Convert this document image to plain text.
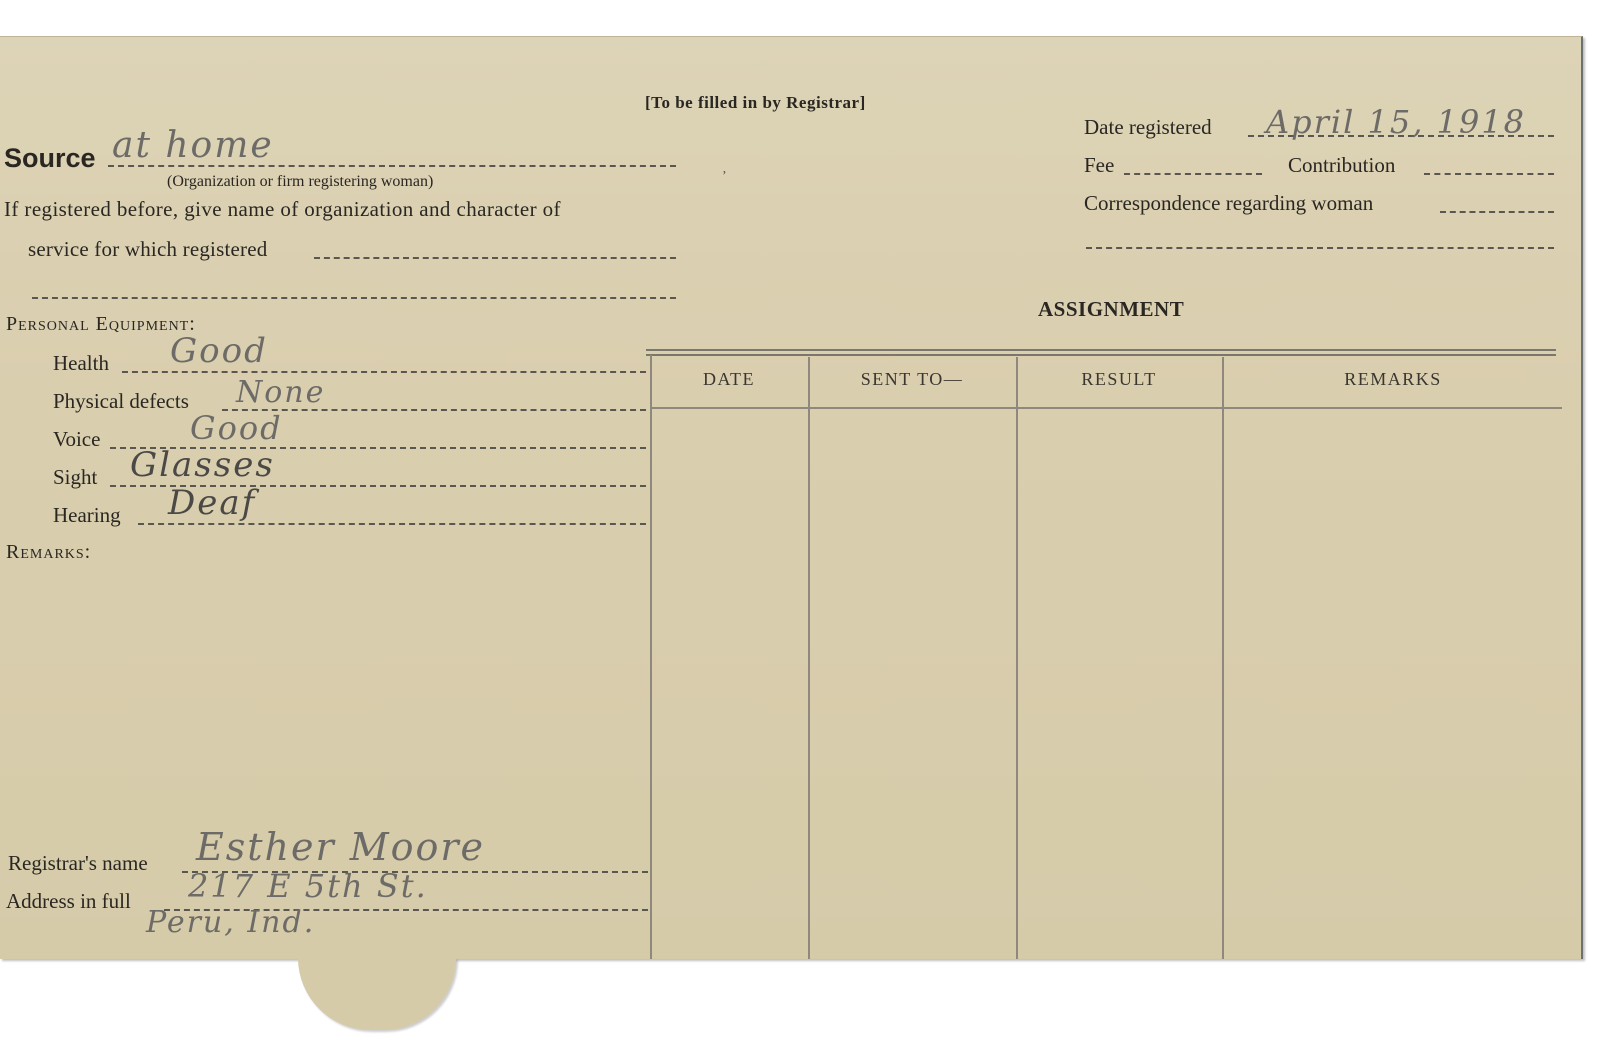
[To be filled in by Registrar]
Source at home
(Organization or firm registering woman)
If registered before, give name of organization and character of
service for which registered
’
Date registered April 15, 1918
Fee	Contribution
Correspondence regarding woman
Personal Equipment:
Health Good
Physical defects None
Voice	Good
Sight Glasses
Hearing Deaf
Remarks:
Registrar's name Esther Moore
Address in full 217 E 5th St.
Peru, Ind.
ASSIGNMENT
DATE	SENT TO—	RESULT	REMARKS
